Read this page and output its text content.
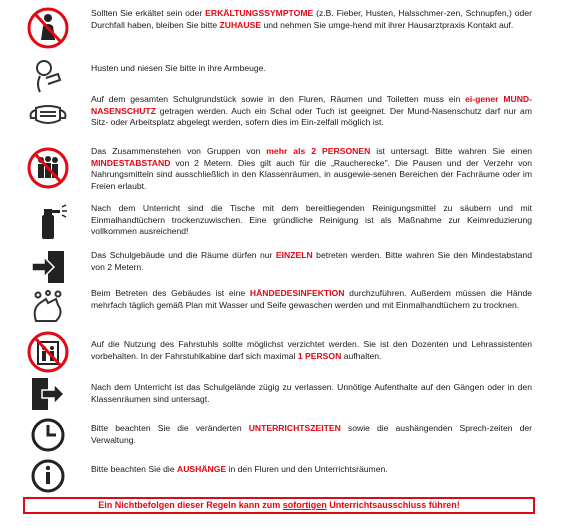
Sollten Sie erkältet sein oder ERKÄLTUNGSSYMPTOME (z.B. Fieber, Husten, Halsschmer-zen, Schnupfen,) oder Durchfall haben, bleiben Sie bitte ZUHAUSE und nehmen Sie umge-hend mit ihrer Hausarztpraxis Kontakt auf.
Husten und niesen Sie bitte in ihre Armbeuge.
Auf dem gesamten Schulgrundstück sowie in den Fluren, Räumen und Toiletten muss ein ei-gener MUND-NASENSCHUTZ getragen werden. Auch ein Schal oder Tuch ist geeignet. Der Mund-Nasenschutz darf nur am Sitz- oder Arbeitsplatz abgelegt werden, sofern dies im Ein-zelfall möglich ist.
Das Zusammenstehen von Gruppen von mehr als 2 PERSONEN ist untersagt. Bitte wahren Sie einen MINDESTABSTAND von 2 Metern. Dies gilt auch für die „Raucherecke". Die Pausen und der Verzehr von Nahrungsmitteln sind ausschließlich in den Klassenräumen, in ausgewie-senen Bereichen der Fachräume oder im Freien erlaubt.
Nach dem Unterricht sind die Tische mit dem bereitliegenden Reinigungsmittel zu säubern und mit Einmalhandtüchern trockenzuwischen. Eine gründliche Reinigung ist als Maßnahme zur Keimreduzierung vollkommen ausreichend!
Das Schulgebäude und die Räume dürfen nur EINZELN betreten werden. Bitte wahren Sie den Mindestabstand von 2 Metern.
Beim Betreten des Gebäudes ist eine HÄNDEDESINFEKTION durchzuführen. Außerdem müssen die Hände mehrfach täglich gemäß Plan mit Wasser und Seife gewaschen werden und mit Einmalhandtüchern zu trocknen.
Auf die Nutzung des Fahrstuhls sollte möglichst verzichtet werden. Sie ist den Dozenten und Lehrassistenten vorbehalten. In der Fahrstuhlkabine darf sich maximal 1 PERSON aufhalten.
Nach dem Unterricht ist das Schulgelände zügig zu verlassen. Unnötige Aufenthalte auf den Gängen oder in den Klassenräumen sind untersagt.
Bitte beachten Sie die veränderten UNTERRICHTSZEITEN sowie die aushängenden Sprech-zeiten der Verwaltung.
Bitte beachten Sie die AUSHÄNGE in den Fluren und den Unterrichtsräumen.
Ein Nichtbefolgen dieser Regeln kann zum sofortigen Unterrichtsausschluss führen!
